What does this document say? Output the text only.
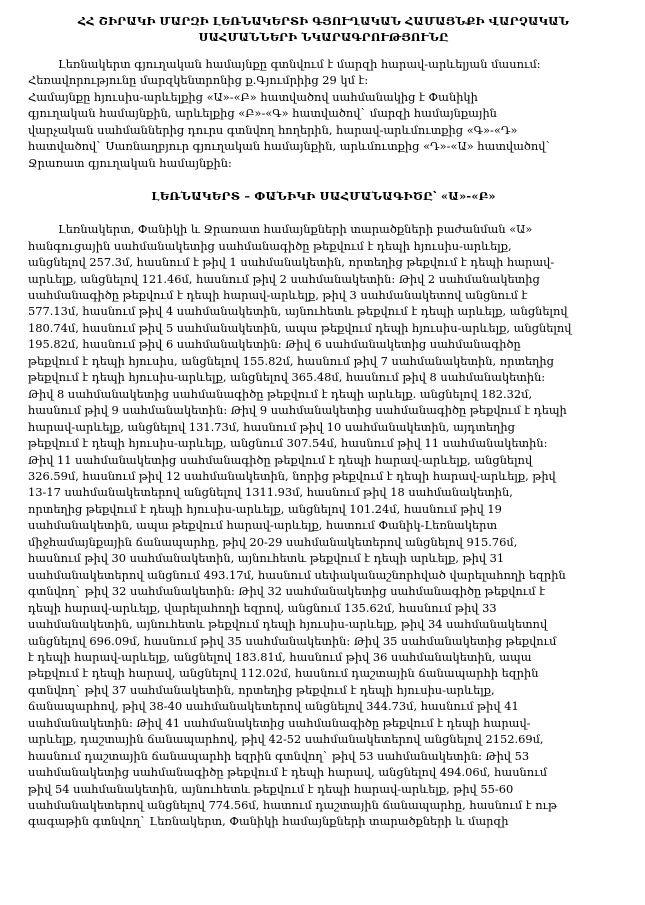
ՀՀ ՇԻՐԱԿԻ ՄԱՐԶԻ ԼԵՌՆԱԿԵՐՏԻ ԳՅՈՒՂԱԿԱՆ ՀԱՄԱՅՆՔԻ ՎԱՐՉԱԿԱՆ
ՍԱՀՄԱՆՆԵՐԻ ՆԿԱՐԱԳՐՈՒԹՅՈՒՆԸ
Լեռնակերտ գյուղական համայնքը գտնվում է մարզի հարավ-արևելյան մասում:
Հեռավորությունը մարզկենտրոնից ք.Գյումրիից 29 կմ է:
Համայնքը հյուսիս-արևելքից «Ա»-«Բ» հատվածով սահմանակից է Փանիկի
գյուղական համայնքին, արևելքից «Բ»-«Գ» հատվածով` մարզի համայնքային
վարչական սահմաններից դուրս գտնվող հողերին, հարավ-արևմուտքից «Գ»-«Դ»
հատվածով` Սառնաղբյուր գյուղական համայնքին, արևմուտքից «Դ»-«Ա» հատվածով`
Ջրառատ գյուղական համայնքին:
ԼԵՌՆԱԿԵՐՏ – ՓԱՆԻԿԻ ՍԱՀՄԱՆԱԳԻԾԸ՝ «Ա»-«Բ»
Լեռնակերտ, Փանիկի և Ջրառատ համայնքների տարածքների բաժանման «Ա»
հանգուցային սահմանակետից սահմանագիծը թեքվում է դեպի հյուսիս-արևելք,
անցնելով 257.3մ, հասնում է թիվ 1 սահմանակետին, որտեղից թեքվում է դեպի հարավ-
արևելք, անցնելով 121.46մ, հասնում թիվ 2 սահմանակետին: Թիվ 2 սահմանակետից
սահմանագիծը թեքվում է դեպի հարավ-արևելք, թիվ 3 սահմանակետով անցնում է
577.13մ, հասնում թիվ 4 սահմանակետին, այնուհետև թեքվում է դեպի արևելք, անցնելով
180.74մ, հասնում թիվ 5 սահմանակետին, ապա թեքվում դեպի հյուսիս-արևելք, անցնելով
195.82մ, հասնում թիվ 6 սահմանակետին: Թիվ 6 սահմանակետից սահմանագիծը
թեքվում է դեպի հյուսիս, անցնելով 155.82մ, հասնում թիվ 7 սահմանակետին, որտեղից
թեքվում է դեպի հյուսիս-արևելք, անցնելով 365.48մ, հասնում թիվ 8 սահմանակետին:
Թիվ 8 սահմանակետից սահմանագիծը թեքվում է դեպի արևելք. անցնելով 182.32մ,
հասնում թիվ 9 սահմանակետին: Թիվ 9 սահմանակետից սահմանագիծը թեքվում է դեպի
հարավ-արևելք, անցնելով 131.73մ, հասնում թիվ 10 սահմանակետին, այդտեղից
թեքվում է դեպի հյուսիս-արևելք, անցնում 307.54մ, հասնում թիվ 11 սահմանակետին:
Թիվ 11 սահմանակետից սահմանագիծը թեքվում է դեպի հարավ-արևելք, անցնելով
326.59մ, հասնում թիվ 12 սահմանակետին, նորից թեքվում է դեպի հարավ-արևելք, թիվ
13-17 սահմանակետերով անցնելով 1311.93մ, հասնում թիվ 18 սահմանակետին,
որտեղից թեքվում է դեպի հյուսիս-արևելք, անցնելով 101.24մ, հասնում թիվ 19
սահմանակետին, ապա թեքվում հարավ-արևելք, հատում Փանիկ-Լեռնակերտ
միջհամայնքային ճանապարհը, թիվ 20-29 սահմանակետերով անցնելով 915.76մ,
հասնում թիվ 30 սահմանակետին, այնուհետև թեքվում է դեպի արևելք, թիվ 31
սահմանակետերով անցնում 493.17մ, հասնում սեփականաշնորհված վարելահողի եզրին
գտնվող` թիվ 32 սահմանակետին: Թիվ 32 սահմանակետից սահմանագիծը թեքվում է
դեպի հարավ-արևելք, վարելահողի եզրով, անցնում 135.62մ, հասնում թիվ 33
սահմանակետին, այնուհետև թեքվում դեպի հյուսիս-արևելք, թիվ 34 սահմանակետով
անցնելով 696.09մ, հասնում թիվ 35 սահմանակետին: Թիվ 35 սահմանակետից թեքվում
է դեպի հարավ-արևելք, անցնելով 183.81մ, հասնում թիվ 36 սահմանակետին, ապա
թեքվում է դեպի հարավ, անցնելով 112.02մ, հասնում դաշտային ճանապարհի եզրին
գտնվող` թիվ 37 սահմանակետին, որտեղից թեքվում է դեպի հյուսիս-արևելք,
ճանապարհով, թիվ 38-40 սահմանակետերով անցնելով 344.73մ, հասնում թիվ 41
սահմանակետին: Թիվ 41 սահմանակետից սահմանագիծը թեքվում է դեպի հարավ-
արևելք, դաշտային ճանապարհով, թիվ 42-52 սահմանակետերով անցնելով 2152.69մ,
հասնում դաշտային ճանապարհի եզրին գտնվող` թիվ 53 սահմանակետին: Թիվ 53
սահմանակետից սահմանագիծը թեքվում է դեպի հարավ, անցնելով 494.06մ, հասնում
թիվ 54 սահմանակետին, այնուհետև թեքվում է դեպի հարավ-արևելք, թիվ 55-60
սահմանակետերով անցնելով 774.56մ, հատում դաշտային ճանապարհը, հասնում է ութ
գագաթին գտնվող` Լեռնակերտ, Փանիկի համայնքների տարածքների և մարզի
